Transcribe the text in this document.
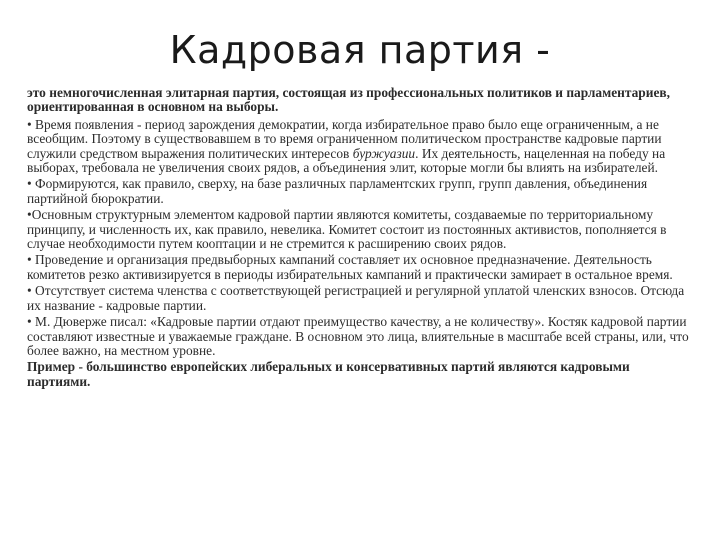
Кадровая партия -

это немногочисленная элитарная партия, состоящая из профессиональных политиков и парламентариев, ориентированная в основном на выборы.

• Время появления - период зарождения демократии, когда избирательное право было еще ограниченным, а не всеобщим. Поэтому в существовавшем в то время ограниченном политическом пространстве кадровые партии служили средством выражения политических интересов буржуазии. Их деятельность, нацеленная на победу на выборах, требовала не увеличения своих рядов, а объединения элит, которые могли бы влиять на избирателей.

• Формируются, как правило, сверху, на базе различных парламентских групп, групп давления, объединения партийной бюрократии.

•Основным структурным элементом кадровой партии являются комитеты, создаваемые по территориальному принципу, и численность их, как правило, невелика. Комитет состоит из постоянных активистов, пополняется в случае необходимости путем кооптации и не стремится к расширению своих рядов.

• Проведение и организация предвыборных кампаний составляет их основное предназначение. Деятельность комитетов резко активизируется в периоды избирательных кампаний и практически замирает в остальное время.

• Отсутствует система членства с соответствующей регистрацией и регулярной уплатой членских взносов. Отсюда их название - кадровые партии.

• М. Дюверже писал: «Кадровые партии отдают преимущество качеству, а не количеству». Костяк кадровой партии составляют известные и уважаемые граждане. В основном это лица, влиятельные в масштабе всей страны, или, что более важно, на местном уровне.

Пример - большинство европейских либеральных и консервативных партий являются кадровыми партиями.
